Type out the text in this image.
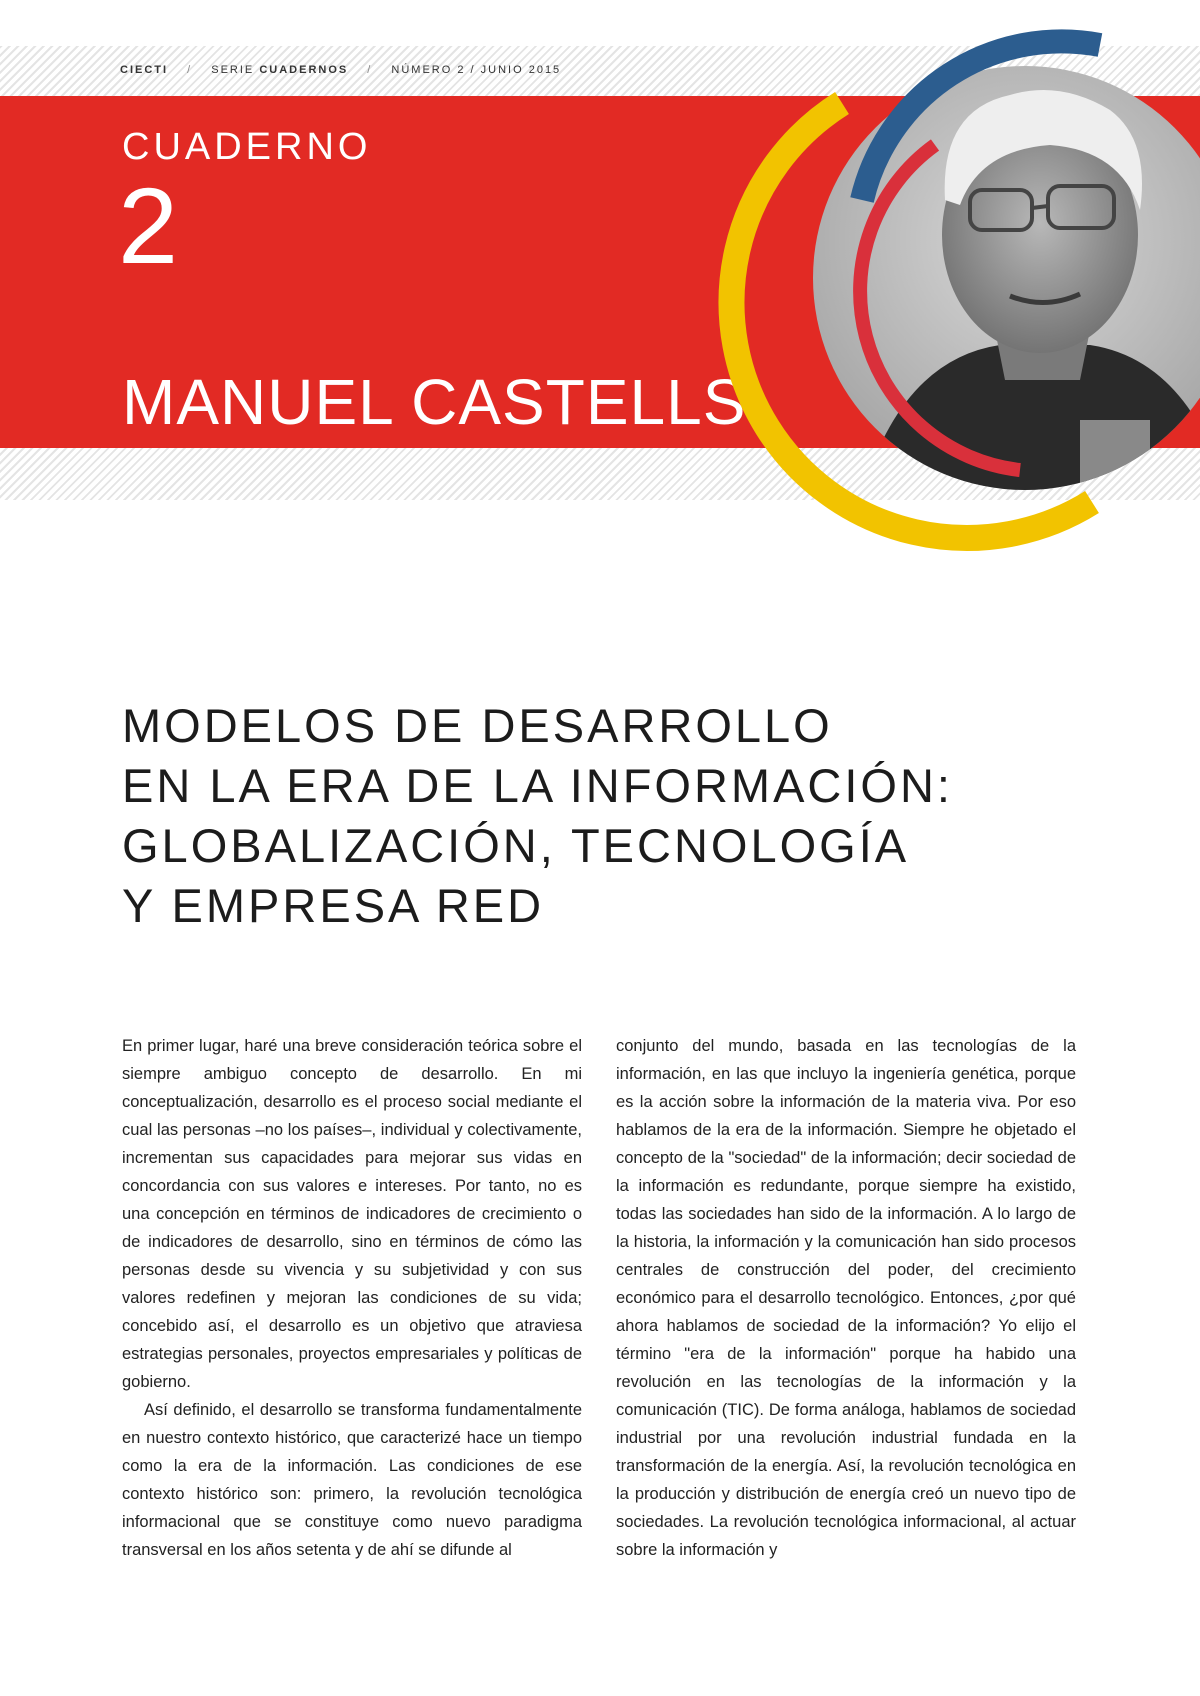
CIECTI / SERIE CUADERNOS / NÚMERO 2 / JUNIO 2015
CUADERNO
2
MANUEL CASTELLS
MODELOS DE DESARROLLO
EN LA ERA DE LA INFORMACIÓN:
GLOBALIZACIÓN, TECNOLOGÍA
Y EMPRESA RED

En primer lugar, haré una breve consideración teórica sobre el siempre ambiguo concepto de desarrollo. En mi conceptualización, desarrollo es el proceso social mediante el cual las personas –no los países–, individual y colectivamente, incrementan sus capacidades para mejorar sus vidas en concordancia con sus valores e intereses. Por tanto, no es una concepción en términos de indicadores de crecimiento o de indicadores de desarrollo, sino en términos de cómo las personas desde su vivencia y su subjetividad y con sus valores redefinen y mejoran las condiciones de su vida; concebido así, el desarrollo es un objetivo que atraviesa estrategias personales, proyectos empresariales y políticas de gobierno.

Así definido, el desarrollo se transforma fundamentalmente en nuestro contexto histórico, que caracterizé hace un tiempo como la era de la información. Las condiciones de ese contexto histórico son: primero, la revolución tecnológica informacional que se constituye como nuevo paradigma transversal en los años setenta y de ahí se difunde al

conjunto del mundo, basada en las tecnologías de la información, en las que incluyo la ingeniería genética, porque es la acción sobre la información de la materia viva. Por eso hablamos de la era de la información. Siempre he objetado el concepto de la "sociedad" de la información; decir sociedad de la información es redundante, porque siempre ha existido, todas las sociedades han sido de la información. A lo largo de la historia, la información y la comunicación han sido procesos centrales de construcción del poder, del crecimiento económico para el desarrollo tecnológico. Entonces, ¿por qué ahora hablamos de sociedad de la información? Yo elijo el término "era de la información" porque ha habido una revolución en las tecnologías de la información y la comunicación (TIC). De forma análoga, hablamos de sociedad industrial por una revolución industrial fundada en la transformación de la energía. Así, la revolución tecnológica en la producción y distribución de energía creó un nuevo tipo de sociedades. La revolución tecnológica informacional, al actuar sobre la información y
